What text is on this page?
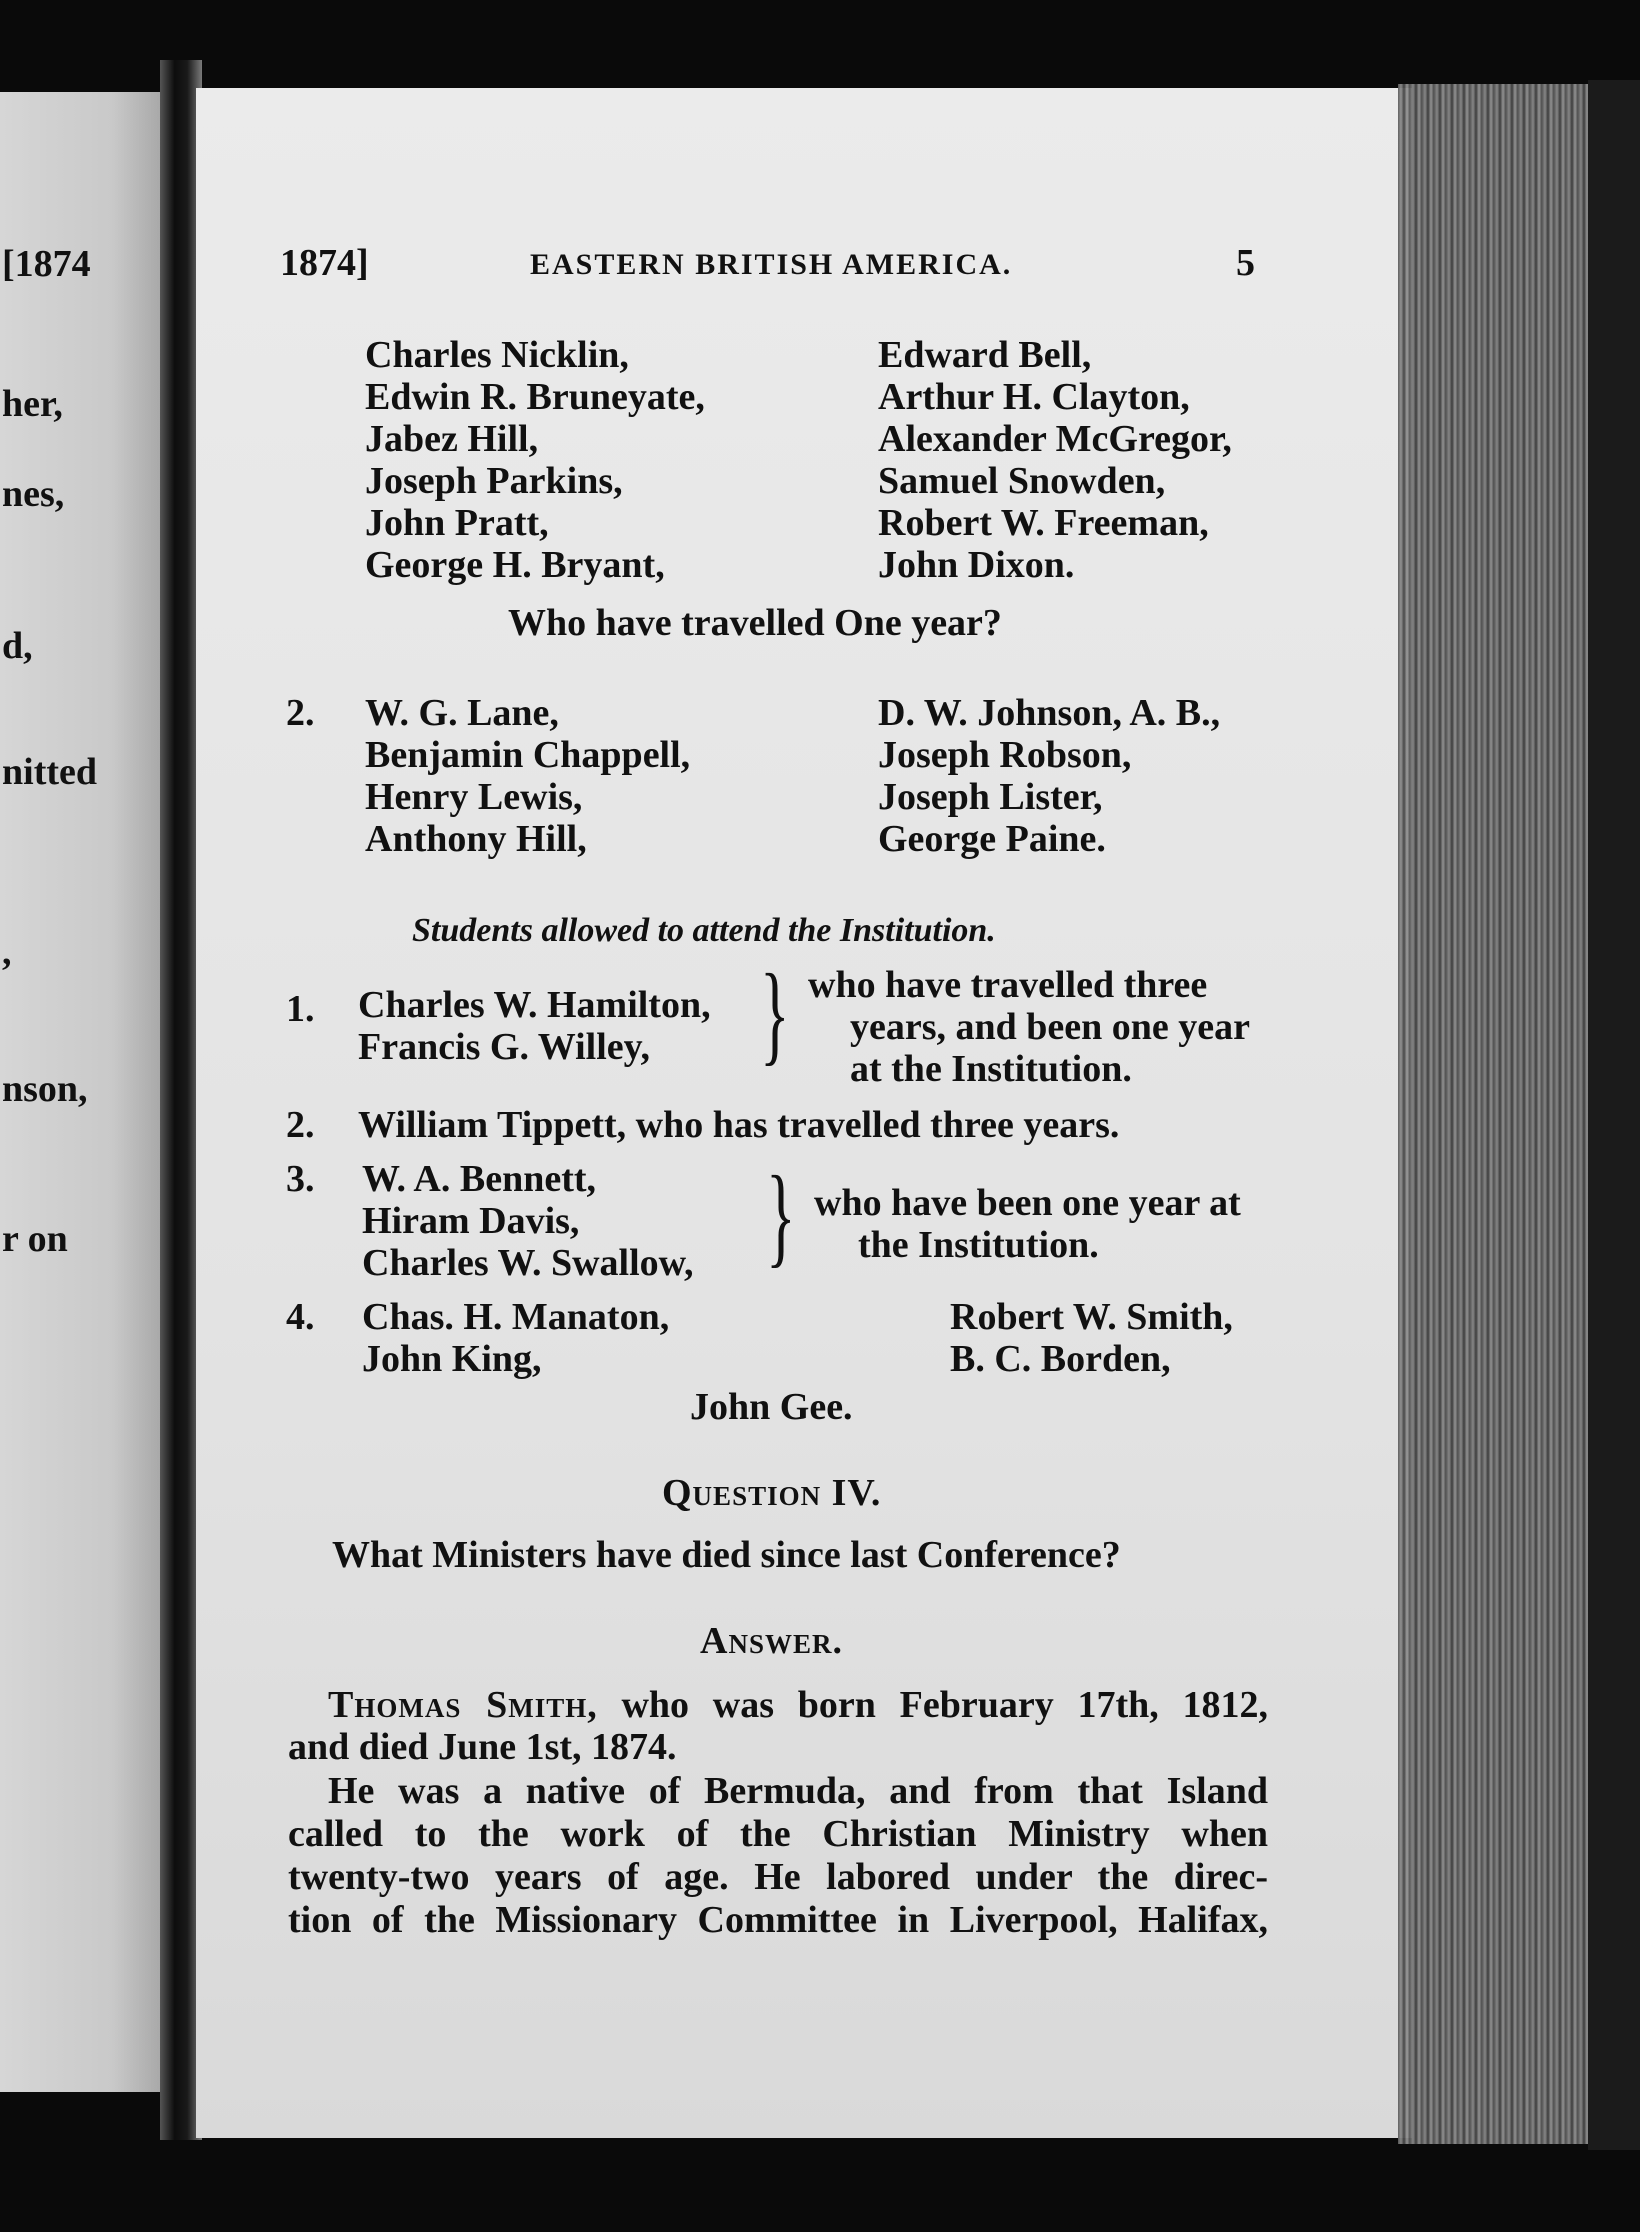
[1874
her,
nes,
d,
nitted
,
nson,
r on
1874]	EASTERN BRITISH AMERICA.	5
Charles Nicklin,
Edwin R. Bruneyate,
Jabez Hill,
Joseph Parkins,
John Pratt,
George H. Bryant,
Edward Bell,
Arthur H. Clayton,
Alexander McGregor,
Samuel Snowden,
Robert W. Freeman,
John Dixon.
Who have travelled One year?
2. W. G. Lane,
Benjamin Chappell,
Henry Lewis,
Anthony Hill,
D. W. Johnson, A. B.,
Joseph Robson,
Joseph Lister,
George Paine.
Students allowed to attend the Institution.
1. Charles W. Hamilton,
Francis G. Willey, } who have travelled three
years, and been one year
at the Institution.
2. William Tippett, who has travelled three years.
3. W. A. Bennett,
Hiram Davis,
Charles W. Swallow, } who have been one year at
the Institution.
4. Chas. H. Manaton,
John King,
Robert W. Smith,
B. C. Borden,
John Gee.
Question IV.
What Ministers have died since last Conference?
Answer.
Thomas Smith, who was born February 17th, 1812,
and died June 1st, 1874.
He was a native of Bermuda, and from that Island
called to the work of the Christian Ministry when
twenty-two years of age. He labored under the direc-
tion of the Missionary Committee in Liverpool, Halifax,
